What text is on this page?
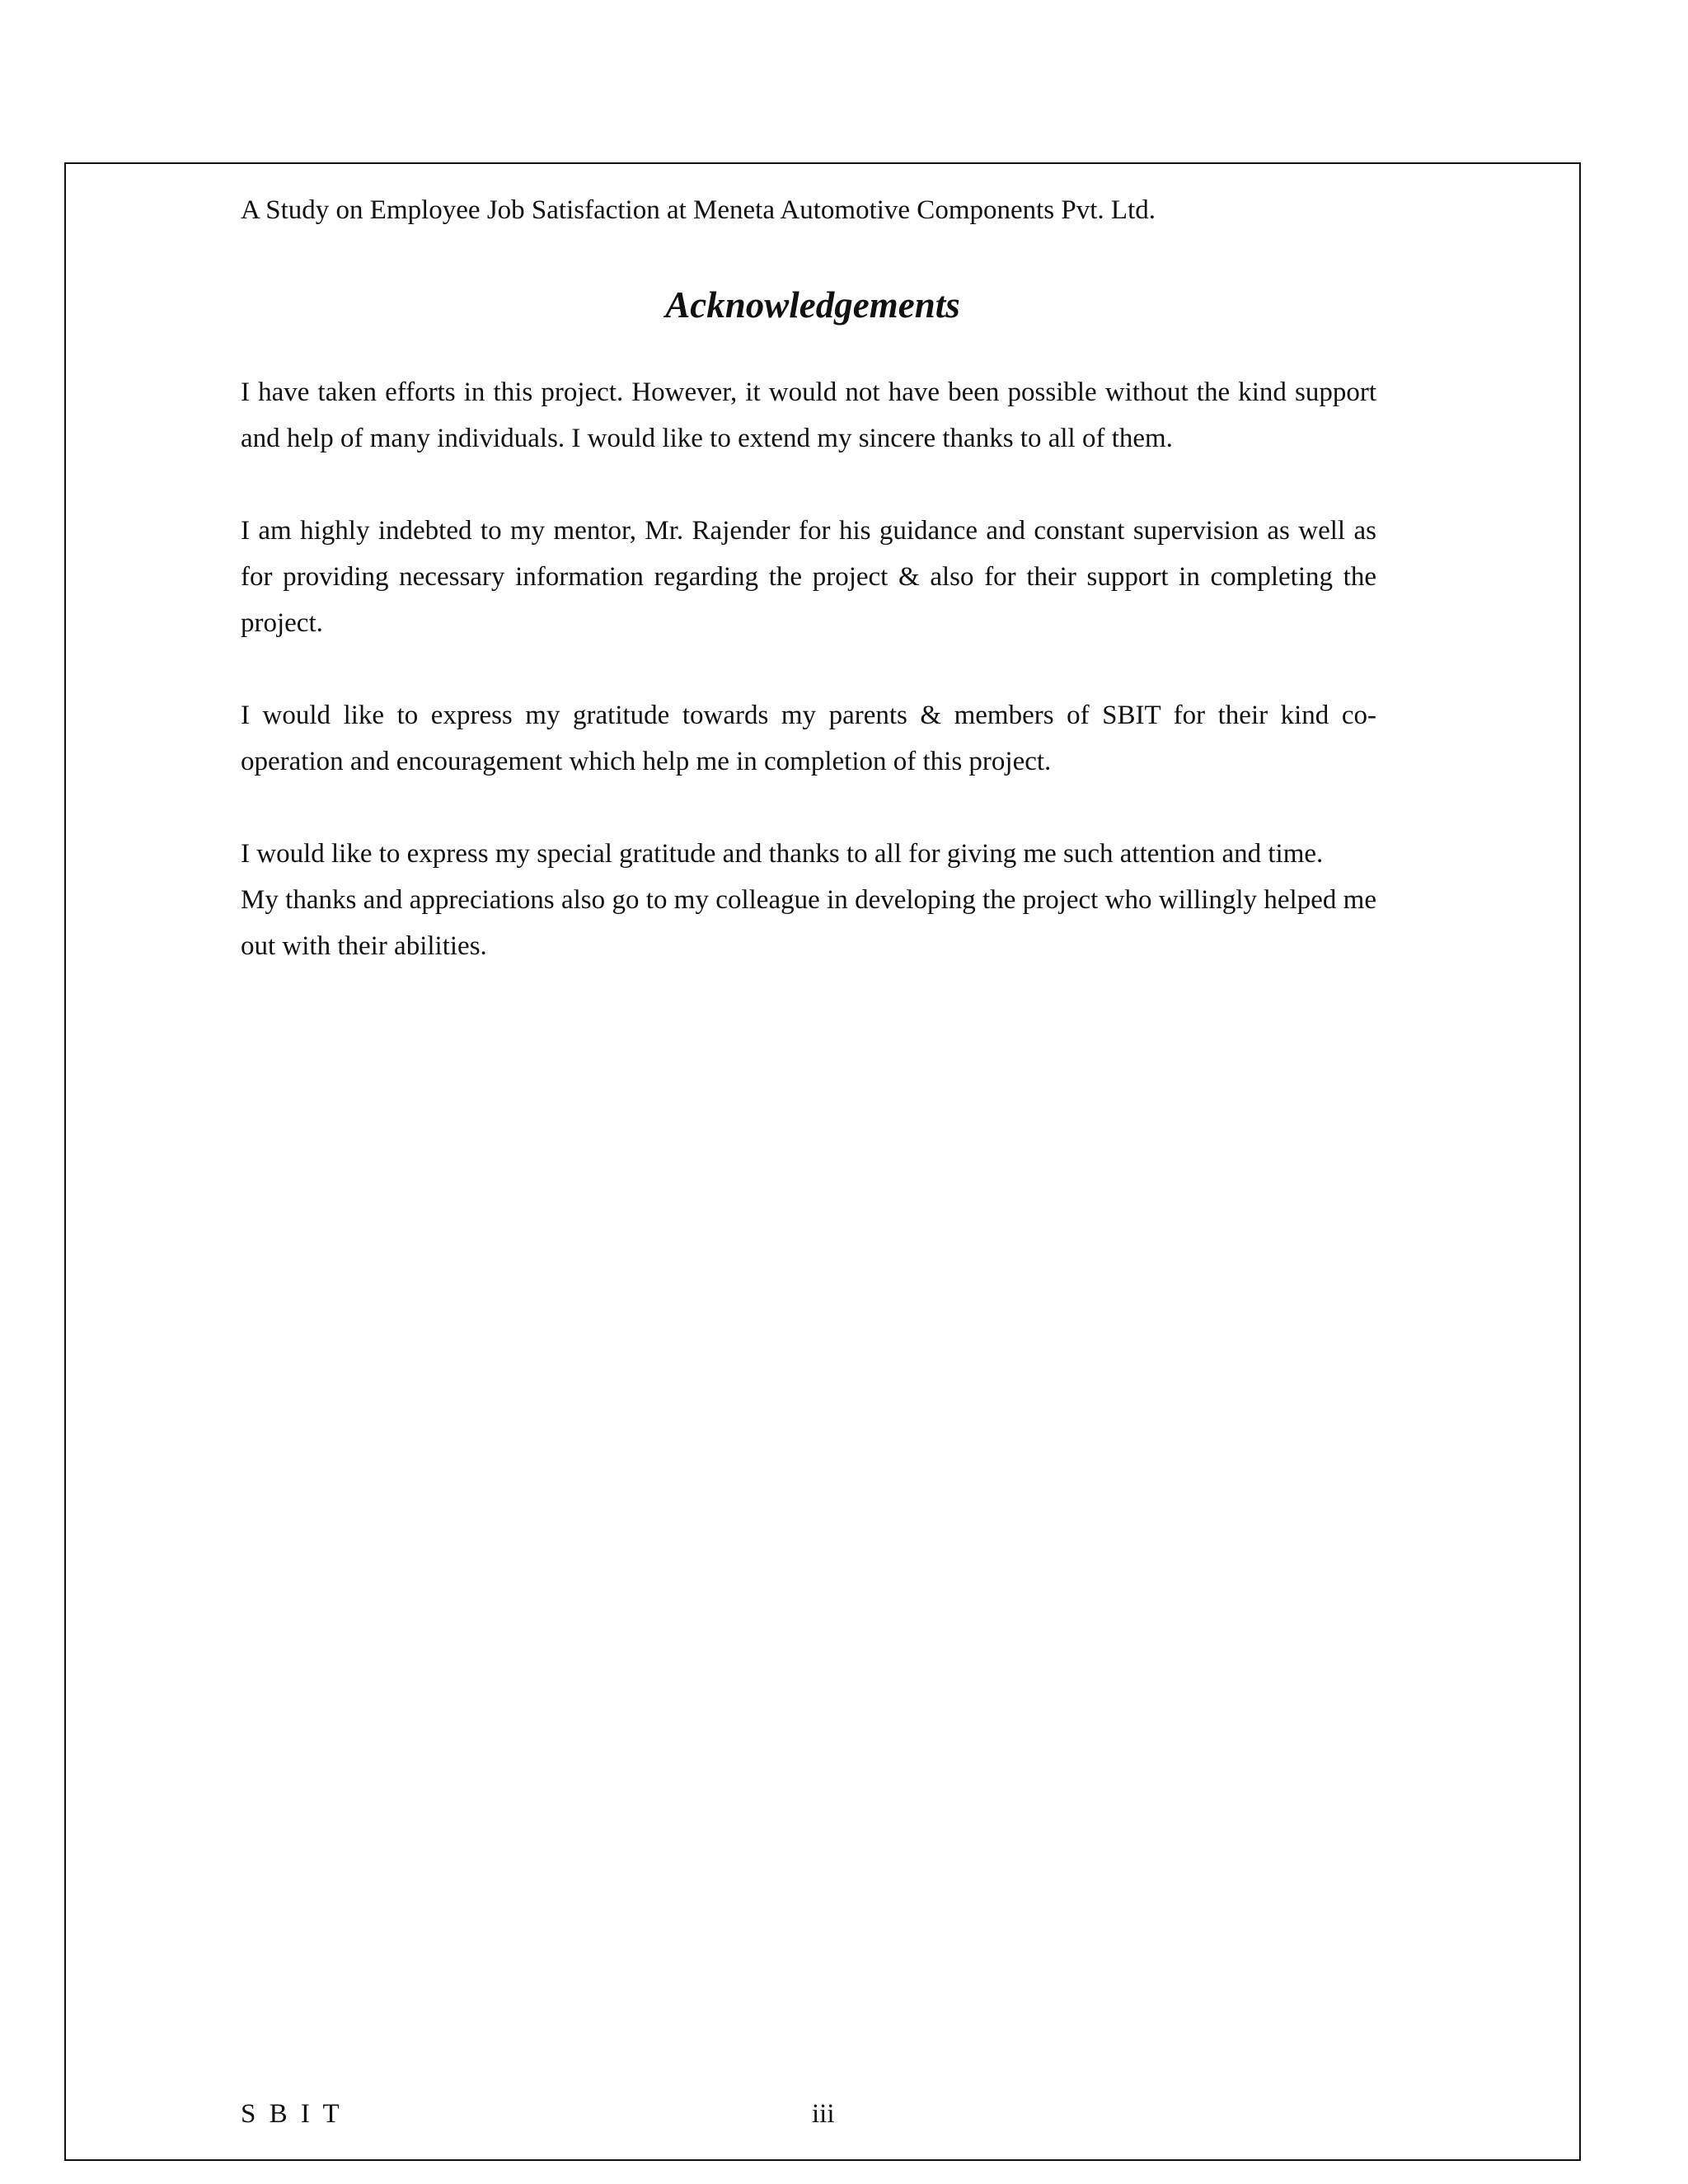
A Study on Employee Job Satisfaction at Meneta Automotive Components Pvt. Ltd.
Acknowledgements

I have taken efforts in this project. However, it would not have been possible without the kind support and help of many individuals. I would like to extend my sincere thanks to all of them.

I am highly indebted to my mentor, Mr. Rajender for his guidance and constant supervision as well as for providing necessary information regarding the project & also for their support in completing the project.

I would like to express my gratitude towards my parents & members of SBIT for their kind co-operation and encouragement which help me in completion of this project.

I would like to express my special gratitude and thanks to all for giving me such attention and time.

My thanks and appreciations also go to my colleague in developing the project who willingly helped me out with their abilities.

S B I T	iii
